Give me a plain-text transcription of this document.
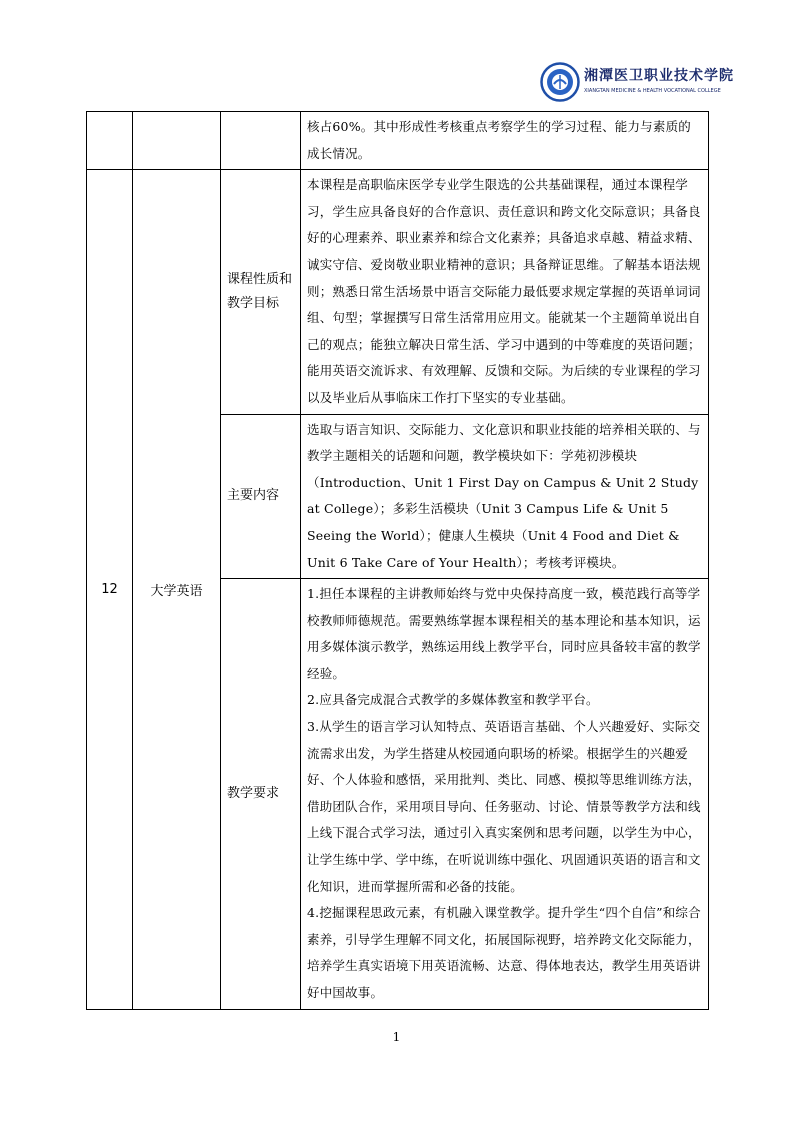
湘潭医卫职业技术学院
XIANGTAN MEDICINE & HEALTH VOCATIONAL COLLEGE

			核占60%。其中形成性考核重点考察学生的学习过程、能力与素质的成长情况。

12	大学英语	课程性质和教学目标	本课程是高职临床医学专业学生限选的公共基础课程，通过本课程学习，学生应具备良好的合作意识、责任意识和跨文化交际意识；具备良好的心理素养、职业素养和综合文化素养；具备追求卓越、精益求精、诚实守信、爱岗敬业职业精神的意识；具备辩证思维。了解基本语法规则；熟悉日常生活场景中语言交际能力最低要求规定掌握的英语单词词组、句型；掌握撰写日常生活常用应用文。能就某一个主题简单说出自己的观点；能独立解决日常生活、学习中遇到的中等难度的英语问题；能用英语交流诉求、有效理解、反馈和交际。为后续的专业课程的学习以及毕业后从事临床工作打下坚实的专业基础。

		主要内容	选取与语言知识、交际能力、文化意识和职业技能的培养相关联的、与教学主题相关的话题和问题，教学模块如下：学苑初涉模块（Introduction、Unit 1 First Day on Campus & Unit 2 Study at College）；多彩生活模块（Unit 3 Campus Life & Unit 5 Seeing the World）；健康人生模块（Unit 4 Food and Diet & Unit 6 Take Care of Your Health）；考核考评模块。

		教学要求	1.担任本课程的主讲教师始终与党中央保持高度一致，模范践行高等学校教师师德规范。需要熟练掌握本课程相关的基本理论和基本知识，运用多媒体演示教学，熟练运用线上教学平台，同时应具备较丰富的教学经验。

2.应具备完成混合式教学的多媒体教室和教学平台。

3.从学生的语言学习认知特点、英语语言基础、个人兴趣爱好、实际交流需求出发，为学生搭建从校园通向职场的桥梁。根据学生的兴趣爱好、个人体验和感悟，采用批判、类比、同感、模拟等思维训练方法，借助团队合作，采用项目导向、任务驱动、讨论、情景等教学方法和线上线下混合式学习法，通过引入真实案例和思考问题，以学生为中心，让学生练中学、学中练，在听说训练中强化、巩固通识英语的语言和文化知识，进而掌握所需和必备的技能。

4.挖掘课程思政元素，有机融入课堂教学。提升学生“四个自信”和综合素养，引导学生理解不同文化，拓展国际视野，培养跨文化交际能力，培养学生真实语境下用英语流畅、达意、得体地表达，教学生用英语讲好中国故事。

1
